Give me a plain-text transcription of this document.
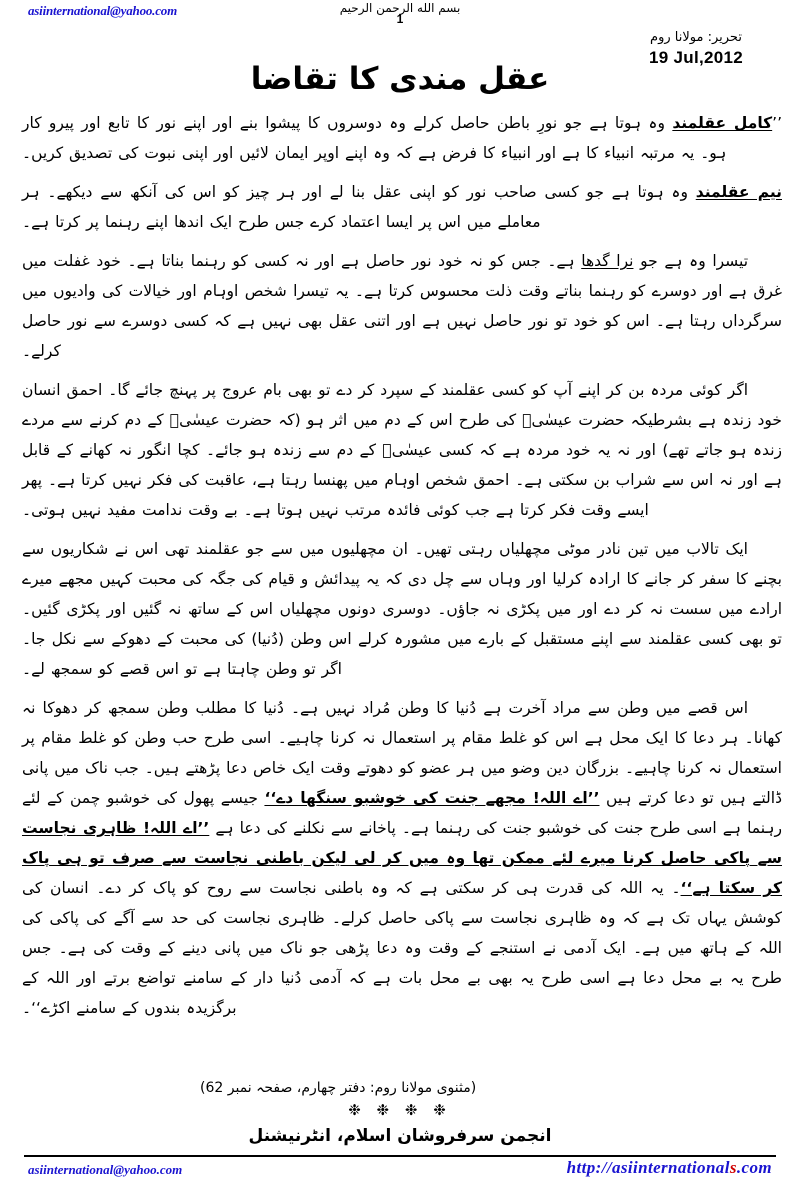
asiinternational@yahoo.com	بسم الله الرحمن الرحيم
1
تحریر: مولانا روم
19 Jul,2012
عقل مندی کا تقاضا

’’کامل عقلمند وہ ہوتا ہے جو نورِ باطن حاصل کرلے وہ دوسروں کا پیشوا بنے اور اپنے نور کا تابع اور پیرو کار ہو۔ یہ مرتبہ انبیاء کا ہے اور انبیاء کا فرض ہے کہ وہ اپنے اوپر ایمان لائیں اور اپنی نبوت کی تصدیق کریں۔

نیم عقلمند وہ ہوتا ہے جو کسی صاحب نور کو اپنی عقل بنا لے اور ہر چیز کو اس کی آنکھ سے دیکھے۔ ہر معاملے میں اس پر ایسا اعتماد کرے جس طرح ایک اندھا اپنے رہنما پر کرتا ہے۔

تیسرا وہ ہے جو نرا گدھا ہے۔ جس کو نہ خود نور حاصل ہے اور نہ کسی کو رہنما بناتا ہے۔ خود غفلت میں غرق ہے اور دوسرے کو رہنما بناتے وقت ذلت محسوس کرتا ہے۔ یہ تیسرا شخص اوہام اور خیالات کی وادیوں میں سرگرداں رہتا ہے۔ اس کو خود تو نور حاصل نہیں ہے اور اتنی عقل بھی نہیں ہے کہ کسی دوسرے سے نور حاصل کرلے۔

اگر کوئی مردہ بن کر اپنے آپ کو کسی عقلمند کے سپرد کر دے تو بھی بام عروج پر پہنچ جائے گا۔ احمق انسان خود زندہ ہے بشرطیکہ حضرت عیسٰیؑ کی طرح اس کے دم میں اثر ہو (کہ حضرت عیسٰیؑ کے دم کرنے سے مردے زندہ ہو جاتے تھے) اور نہ یہ خود مردہ ہے کہ کسی عیسٰیؑ کے دم سے زندہ ہو جائے۔ کچا انگور نہ کھانے کے قابل ہے اور نہ اس سے شراب بن سکتی ہے۔ احمق شخص اوہام میں پھنسا رہتا ہے، عاقبت کی فکر نہیں کرتا ہے۔ پھر ایسے وقت فکر کرتا ہے جب کوئی فائدہ مرتب نہیں ہوتا ہے۔ بے وقت ندامت مفید نہیں ہوتی۔

ایک تالاب میں تین نادر موٹی مچھلیاں رہتی تھیں۔ ان مچھلیوں میں سے جو عقلمند تھی اس نے شکاریوں سے بچنے کا سفر کر جانے کا ارادہ کرلیا اور وہاں سے چل دی کہ یہ پیدائش و قیام کی جگہ کی محبت کہیں مجھے میرے ارادے میں سست نہ کر دے اور میں پکڑی نہ جاؤں۔ دوسری دونوں مچھلیاں اس کے ساتھ نہ گئیں اور پکڑی گئیں۔ تو بھی کسی عقلمند سے اپنے مستقبل کے بارے میں مشورہ کرلے اس وطن (دُنیا) کی محبت کے دھوکے سے نکل جا۔ اگر تو وطن چاہتا ہے تو اس قصے کو سمجھ لے۔

اس قصے میں وطن سے مراد آخرت ہے دُنیا کا وطن مُراد نہیں ہے۔ دُنیا کا مطلب وطن سمجھ کر دھوکا نہ کھانا۔ ہر دعا کا ایک محل ہے اس کو غلط مقام پر استعمال نہ کرنا چاہیے۔ اسی طرح حب وطن کو غلط مقام پر استعمال نہ کرنا چاہیے۔ بزرگان دین وضو میں ہر عضو کو دھوتے وقت ایک خاص دعا پڑھتے ہیں۔ جب ناک میں پانی ڈالتے ہیں تو دعا کرتے ہیں ’’اے اللہ! مجھے جنت کی خوشبو سنگھا دے‘‘ جیسے پھول کی خوشبو چمن کے لئے رہنما ہے اسی طرح جنت کی خوشبو جنت کی رہنما ہے۔ پاخانے سے نکلنے کی دعا ہے ’’اے اللہ! ظاہری نجاست سے پاکی حاصل کرنا میرے لئے ممکن تھا وہ میں کر لی لیکن باطنی نجاست سے صرف تو ہی پاک کر سکتا ہے‘‘۔ یہ اللہ کی قدرت ہی کر سکتی ہے کہ وہ باطنی نجاست سے روح کو پاک کر دے۔ انسان کی کوشش یہاں تک ہے کہ وہ ظاہری نجاست سے پاکی حاصل کرلے۔ ظاہری نجاست کی حد سے آگے کی پاکی کی اللہ کے ہاتھ میں ہے۔ ایک آدمی نے استنجے کے وقت وہ دعا پڑھی جو ناک میں پانی دینے کے وقت کی ہے۔ جس طرح یہ بے محل دعا ہے اسی طرح یہ بھی بے محل بات ہے کہ آدمی دُنیا دار کے سامنے تواضع برتے اور اللہ کے برگزیدہ بندوں کے سامنے اکڑے‘‘۔

(مثنوی مولانا روم: دفتر چهارم، صفحہ نمبر 62)
❉ ❉ ❉ ❉
انجمن سرفروشان اسلام، انٹرنیشنل
asiinternational@yahoo.com	http://asiinternationals.com
